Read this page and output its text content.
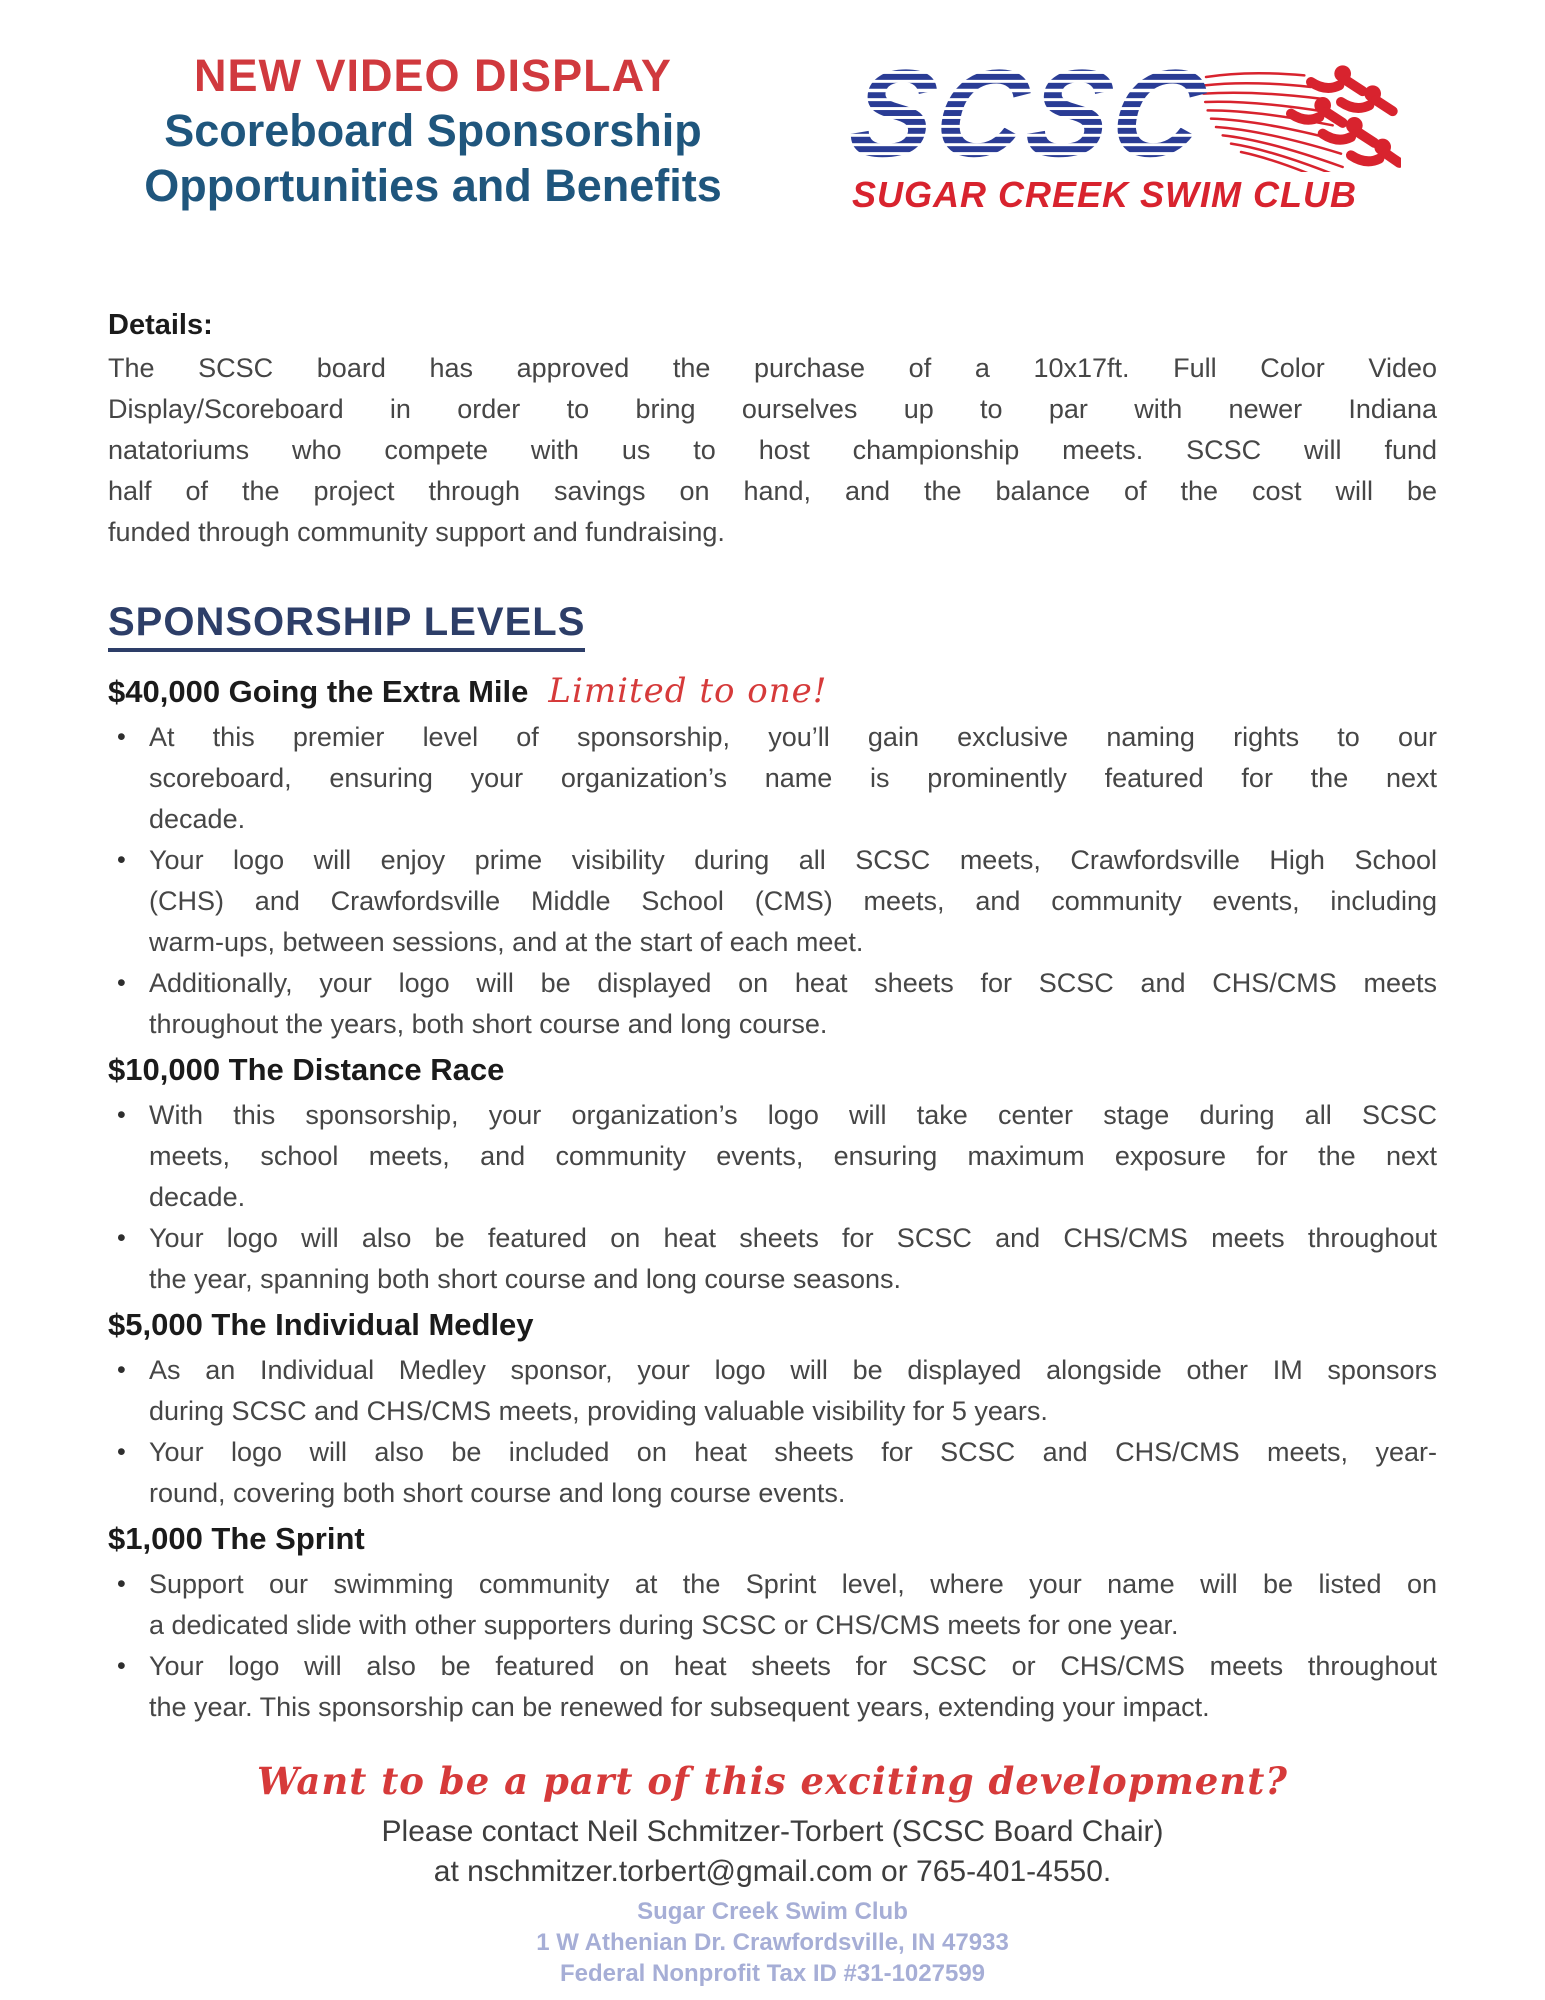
NEW VIDEO DISPLAY
Scoreboard Sponsorship
Opportunities and Benefits
SCSC
SUGAR CREEK SWIM CLUB
Details:
The SCSC board has approved the purchase of a 10x17ft. Full Color Video
Display/Scoreboard in order to bring ourselves up to par with newer Indiana
natatoriums who compete with us to host championship meets. SCSC will fund
half of the project through savings on hand, and the balance of the cost will be
funded through community support and fundraising.
SPONSORSHIP LEVELS
$40,000 Going the Extra Mile Limited to one!
•
At this premier level of sponsorship, you’ll gain exclusive naming rights to our
scoreboard, ensuring your organization’s name is prominently featured for the next
decade.
•
Your logo will enjoy prime visibility during all SCSC meets, Crawfordsville High School
(CHS) and Crawfordsville Middle School (CMS) meets, and community events, including
warm-ups, between sessions, and at the start of each meet.
•
Additionally, your logo will be displayed on heat sheets for SCSC and CHS/CMS meets
throughout the years, both short course and long course.
$10,000 The Distance Race
•
With this sponsorship, your organization’s logo will take center stage during all SCSC
meets, school meets, and community events, ensuring maximum exposure for the next
decade.
•
Your logo will also be featured on heat sheets for SCSC and CHS/CMS meets throughout
the year, spanning both short course and long course seasons.
$5,000 The Individual Medley
•
As an Individual Medley sponsor, your logo will be displayed alongside other IM sponsors
during SCSC and CHS/CMS meets, providing valuable visibility for 5 years.
•
Your logo will also be included on heat sheets for SCSC and CHS/CMS meets, year-
round, covering both short course and long course events.
$1,000 The Sprint
•
Support our swimming community at the Sprint level, where your name will be listed on
a dedicated slide with other supporters during SCSC or CHS/CMS meets for one year.
•
Your logo will also be featured on heat sheets for SCSC or CHS/CMS meets throughout
the year. This sponsorship can be renewed for subsequent years, extending your impact.
Want to be a part of this exciting development?
Please contact Neil Schmitzer-Torbert (SCSC Board Chair)
at nschmitzer.torbert@gmail.com or 765-401-4550.
Sugar Creek Swim Club
1 W Athenian Dr. Crawfordsville, IN 47933
Federal Nonprofit Tax ID #31-1027599
